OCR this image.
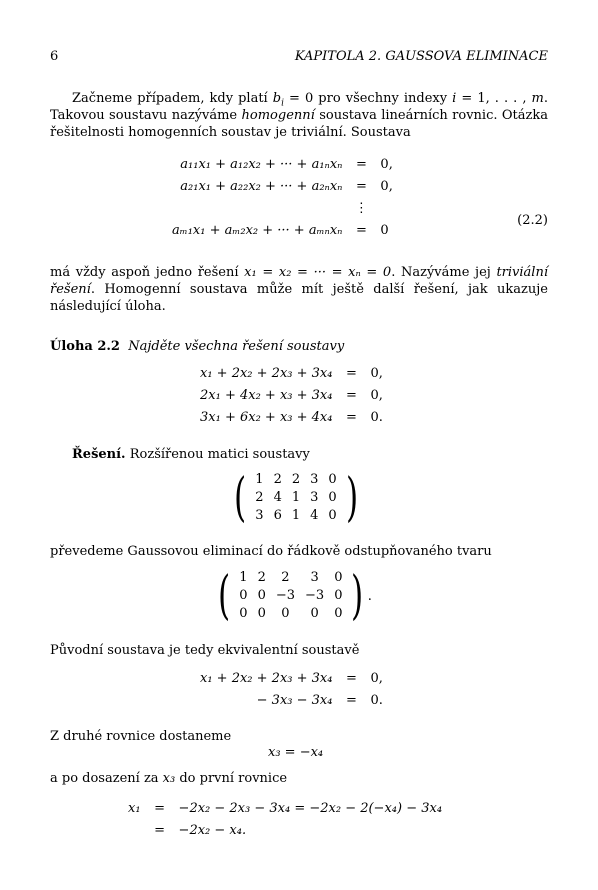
6	KAPITOLA 2. GAUSSOVA ELIMINACE
Začneme případem, kdy platí $b_i = 0$ pro všechny indexy i = 1, . . . , m. Takovou soustavu nazýváme homogenní soustava lineárních rovnic. Otázka řešitelnosti homogenních soustav je triviální. Soustava
a₁₁x₁ + a₁₂x₂ + ··· + a₁ₙxₙ	=	0,
a₂₁x₁ + a₂₂x₂ + ··· + a₂ₙxₙ	=	0,
	⋮	
aₘ₁x₁ + aₘ₂x₂ + ··· + aₘₙxₙ	=	0
(2.2)
má vždy aspoň jedno řešení x₁ = x₂ = ··· = xₙ = 0. Nazýváme jej triviální řešení. Homogenní soustava může mít ještě další řešení, jak ukazuje následující úloha.
Úloha 2.2 Najděte všechna řešení soustavy
x₁ + 2x₂ + 2x₃ + 3x₄	=	0,
2x₁ + 4x₂ + x₃ + 3x₄	=	0,
3x₁ + 6x₂ + x₃ + 4x₄	=	0.
Řešení. Rozšířenou matici soustavy
( 1	2	2	3	0
2	4	1	3	0
3	6	1	4	0 )
převedeme Gaussovou eliminací do řádkově odstupňovaného tvaru
( 1	2	2	3	0
0	0	−3	−3	0
0	0	0	0	0 ) .
Původní soustava je tedy ekvivalentní soustavě
x₁ + 2x₂ + 2x₃ + 3x₄	=	0,
− 3x₃ − 3x₄	=	0.
Z druhé rovnice dostaneme
x₃ = −x₄
a po dosazení za x₃ do první rovnice
x₁	=	−2x₂ − 2x₃ − 3x₄ = −2x₂ − 2(−x₄) − 3x₄
	=	−2x₂ − x₄.
